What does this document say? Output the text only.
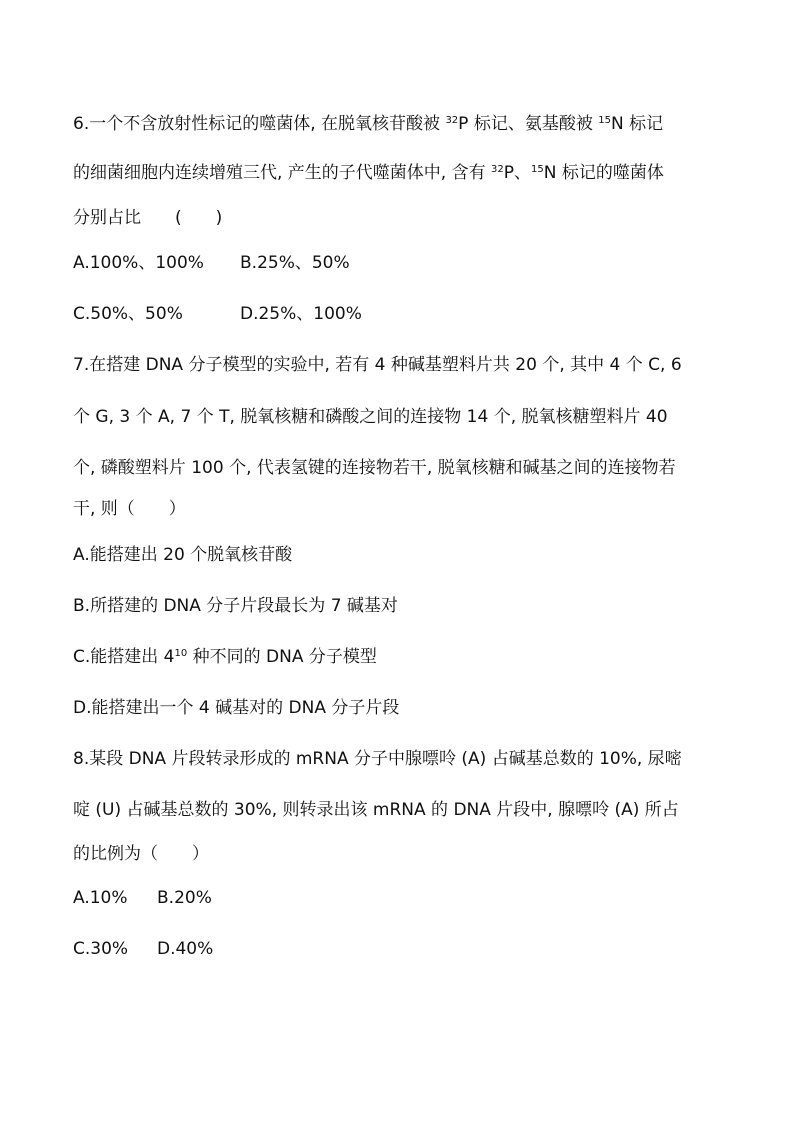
6.一个不含放射性标记的噬菌体, 在脱氧核苷酸被 $^{32}$P 标记、氨基酸被 $^{15}$N 标记
的细菌细胞内连续增殖三代, 产生的子代噬菌体中, 含有 $^{32}$P、$^{15}$N 标记的噬菌体
分别占比　　(　　)
A.100%、100% B.25%、50%
C.50%、50%	D.25%、100%
7.在搭建 DNA 分子模型的实验中, 若有 4 种碱基塑料片共 20 个, 其中 4 个 C, 6
个 G, 3 个 A, 7 个 T, 脱氧核糖和磷酸之间的连接物 14 个, 脱氧核糖塑料片 40
个, 磷酸塑料片 100 个, 代表氢键的连接物若干, 脱氧核糖和碱基之间的连接物若
干, 则（　　）
A.能搭建出 20 个脱氧核苷酸
B.所搭建的 DNA 分子片段最长为 7 碱基对
C.能搭建出 $4^{10}$ 种不同的 DNA 分子模型
D.能搭建出一个 4 碱基对的 DNA 分子片段
8.某段 DNA 片段转录形成的 mRNA 分子中腺嘌呤 (A) 占碱基总数的 10%, 尿嘧
啶 (U) 占碱基总数的 30%, 则转录出该 mRNA 的 DNA 片段中, 腺嘌呤 (A) 所占
的比例为（　　）
A.10% B.20%
C.30% D.40%
